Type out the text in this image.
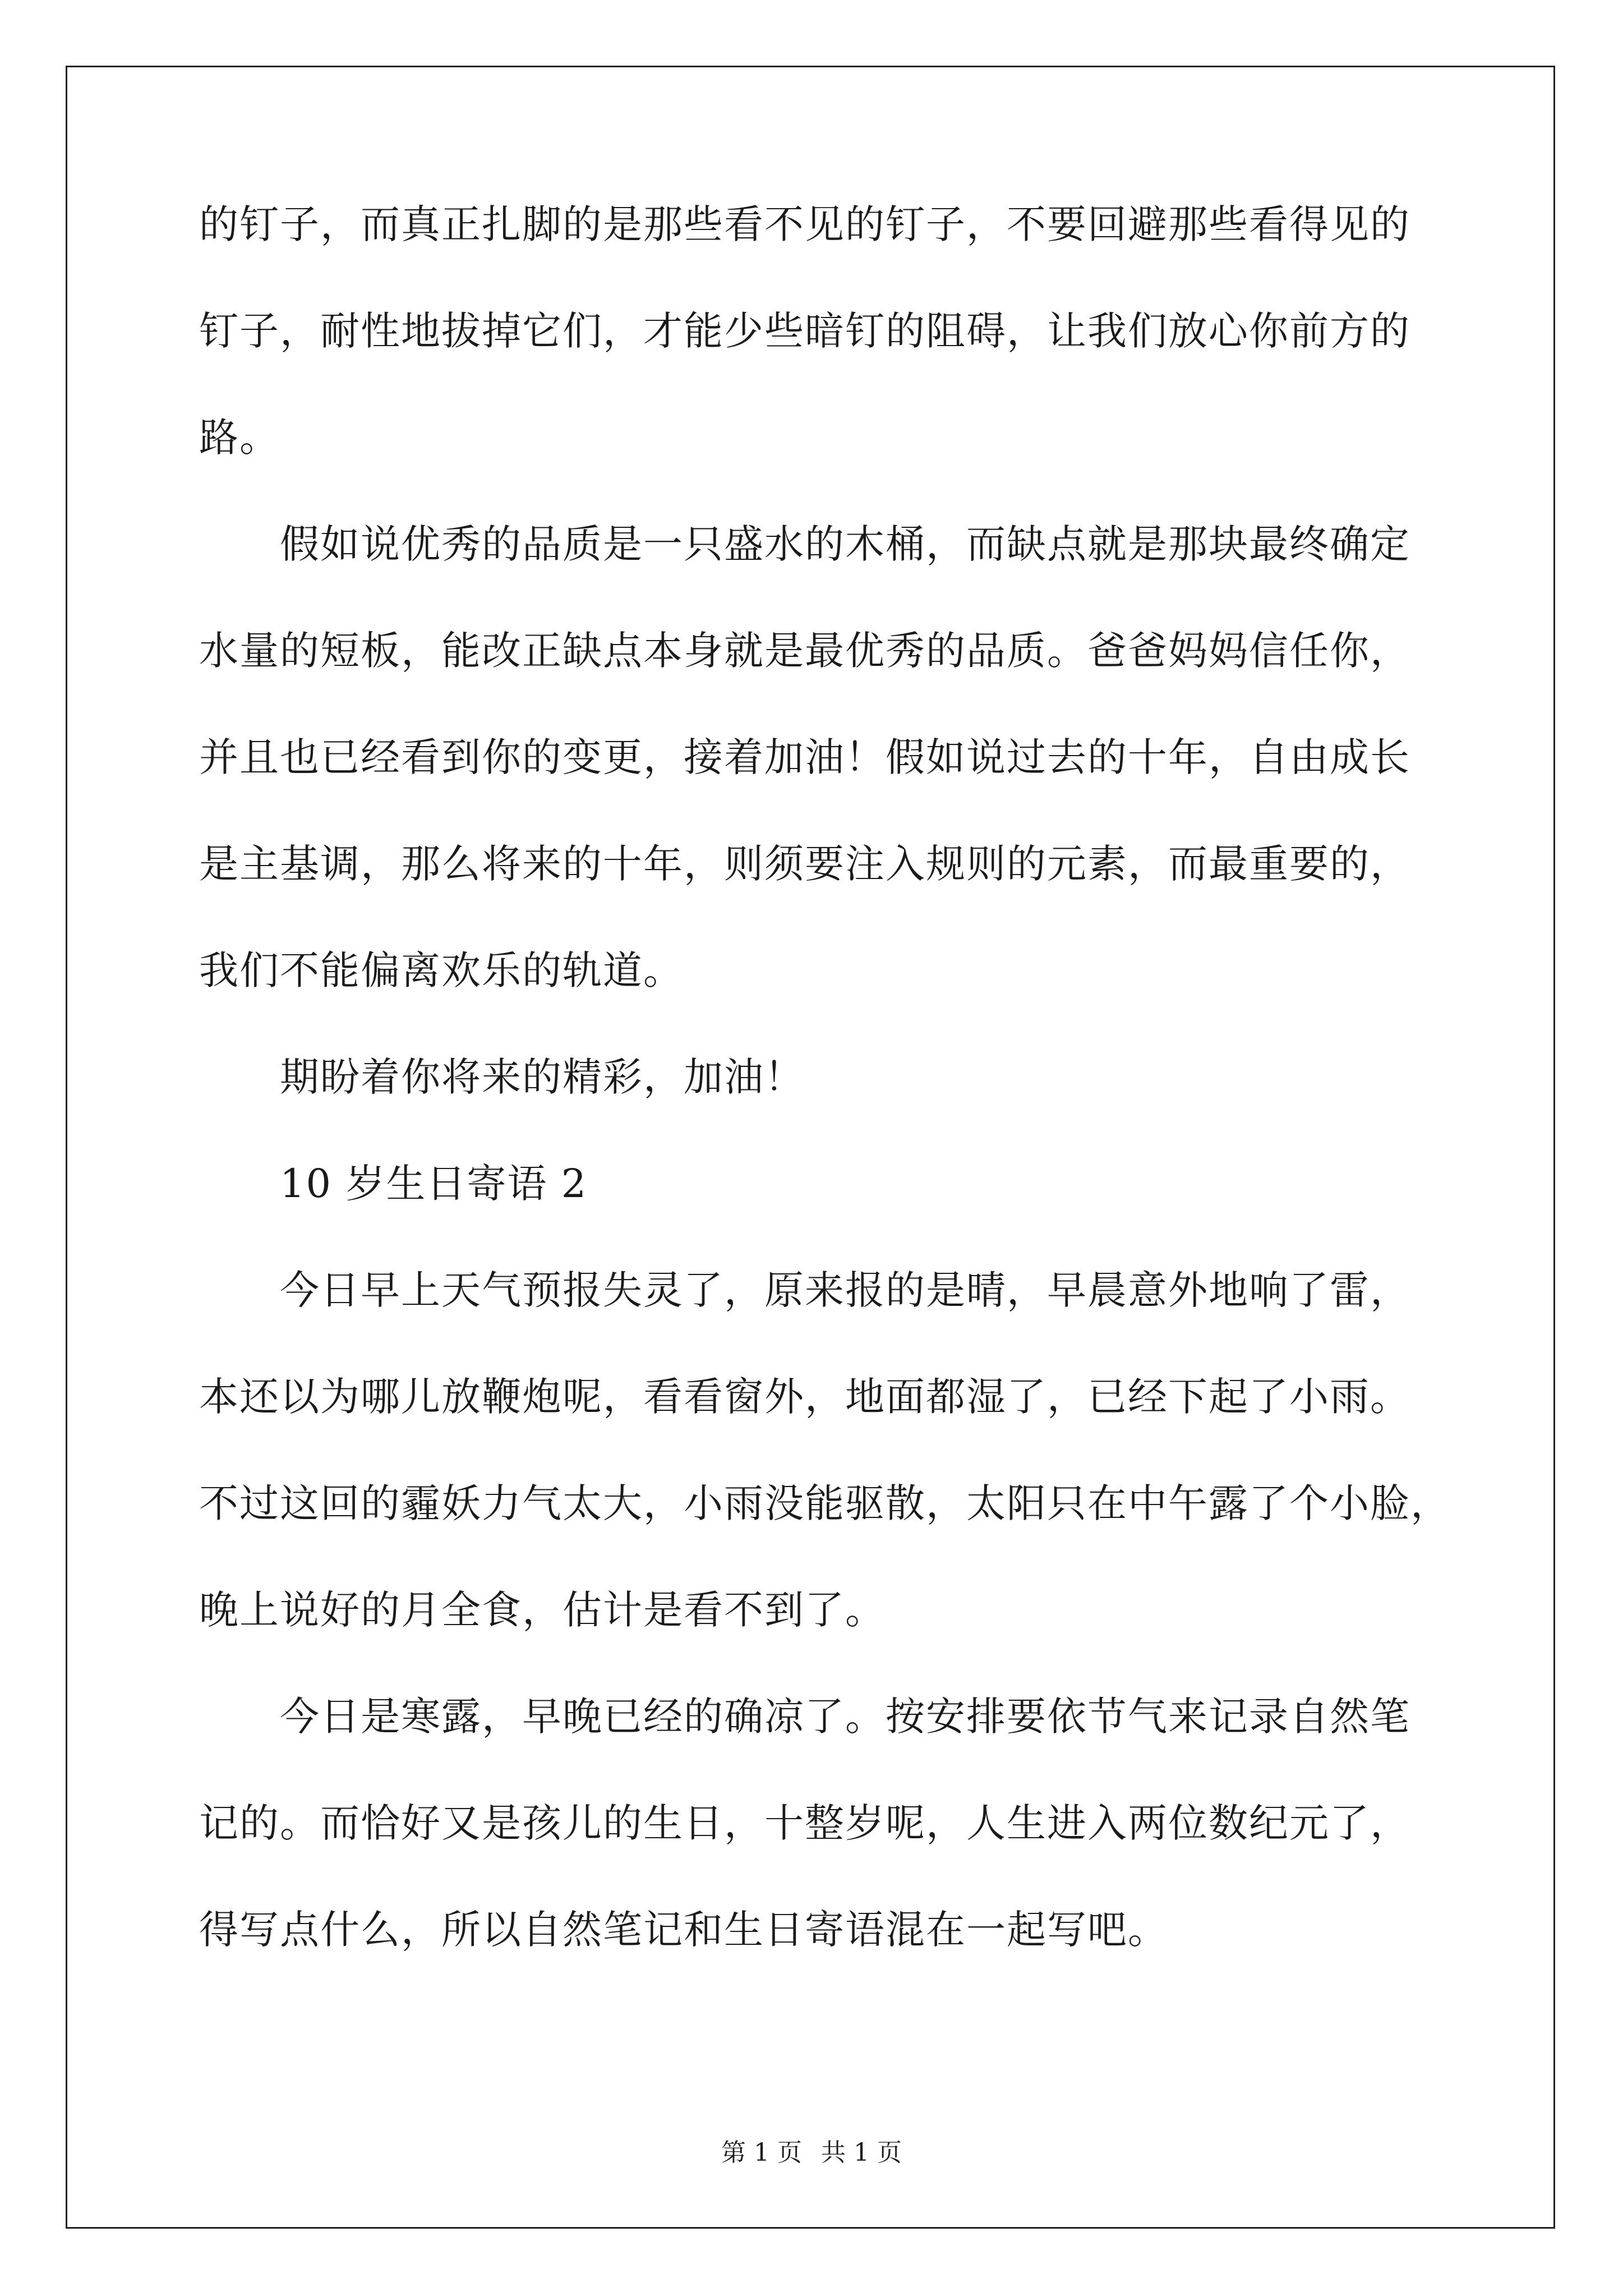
的钉子，而真正扎脚的是那些看不见的钉子，不要回避那些看得见的
钉子，耐性地拔掉它们，才能少些暗钉的阻碍，让我们放心你前方的
路。
　　假如说优秀的品质是一只盛水的木桶，而缺点就是那块最终确定
水量的短板，能改正缺点本身就是最优秀的品质。爸爸妈妈信任你，
并且也已经看到你的变更，接着加油！假如说过去的十年，自由成长
是主基调，那么将来的十年，则须要注入规则的元素，而最重要的，
我们不能偏离欢乐的轨道。
　　期盼着你将来的精彩，加油！
　　10 岁生日寄语 2
　　今日早上天气预报失灵了，原来报的是晴，早晨意外地响了雷，
本还以为哪儿放鞭炮呢，看看窗外，地面都湿了，已经下起了小雨。
不过这回的霾妖力气太大，小雨没能驱散，太阳只在中午露了个小脸，
晚上说好的月全食，估计是看不到了。
　　今日是寒露，早晚已经的确凉了。按安排要依节气来记录自然笔
记的。而恰好又是孩儿的生日，十整岁呢，人生进入两位数纪元了，
得写点什么，所以自然笔记和生日寄语混在一起写吧。
第 1 页 共 1 页
